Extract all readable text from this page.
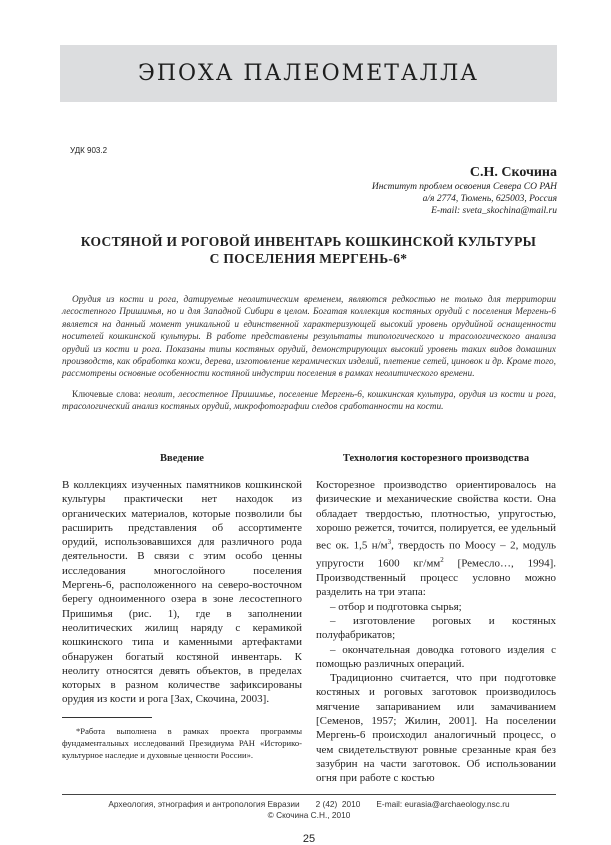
ЭПОХА ПАЛЕОМЕТАЛЛА
УДК 903.2
С.Н. Скочина
Институт проблем освоения Севера СО РАН
а/я 2774, Тюмень, 625003, Россия
E-mail: sveta_skochina@mail.ru
КОСТЯНОЙ И РОГОВОЙ ИНВЕНТАРЬ КОШКИНСКОЙ КУЛЬТУРЫ
С ПОСЕЛЕНИЯ МЕРГЕНЬ-6*

Орудия из кости и рога, датируемые неолитическим временем, являются редкостью не только для территории лесостепного Пришимья, но и для Западной Сибири в целом. Богатая коллекция костяных орудий с поселения Мергень-6 является на данный момент уникальной и единственной характеризующей высокий уровень орудийной оснащенности носителей кошкинской культуры. В работе представлены результаты типологического и трасологического анализа орудий из кости и рога. Показаны типы костяных орудий, демонстрирующих высокий уровень таких видов домашних производств, как обработка кожи, дерева, изготовление керамических изделий, плетение сетей, циновок и др. Кроме того, рассмотрены основные особенности костяной индустрии поселения в рамках неолитического времени.

Ключевые слова: неолит, лесостепное Пришимье, поселение Мергень-6, кошкинская культура, орудия из кости и рога, трасологический анализ костяных орудий, микрофотографии следов сработанности на кости.
Введение

В коллекциях изученных памятников кошкинской культуры практически нет находок из органических материалов, которые позволили бы расширить представления об ассортименте орудий, использовавшихся для различного рода деятельности. В связи с этим особо ценны исследования многослойного поселения Мергень-6, расположенного на северо-восточном берегу одноименного озера в зоне лесостепного Пришимья (рис. 1), где в заполнении неолитических жилищ наряду с керамикой кошкинского типа и каменными артефактами обнаружен богатый костяной инвентарь. К неолиту относятся девять объектов, в пределах которых в разном количестве зафиксированы орудия из кости и рога [Зах, Скочина, 2003].

*Работа выполнена в рамках проекта программы фундаментальных исследований Президиума РАН «Историко-культурное наследие и духовные ценности России».
Технология косторезного производства

Косторезное производство ориентировалось на физические и механические свойства кости. Она обладает твердостью, плотностью, упругостью, хорошо режется, точится, полируется, ее удельный вес ок. 1,5 $н/м^3$, твердость по Моосу – 2, модуль упругости 1600 $кг/мм^2$ [Ремесло…, 1994]. Производственный процесс условно можно разделить на три этапа:

– отбор и подготовка сырья;

– изготовление роговых и костяных полуфабрикатов;

– окончательная доводка готового изделия с помощью различных операций.

Традиционно считается, что при подготовке костяных и роговых заготовок производилось мягчение запариванием или замачиванием [Семенов, 1957; Жилин, 2001]. На поселении Мергень-6 происходил аналогичный процесс, о чем свидетельствуют ровные срезанные края без зазубрин на части заготовок. Об использовании огня при работе с костью

Археология, этнография и антропология Евразии 2 (42)  2010 E-mail: eurasia@archaeology.nsc.ru
© Скочина С.Н., 2010
25
